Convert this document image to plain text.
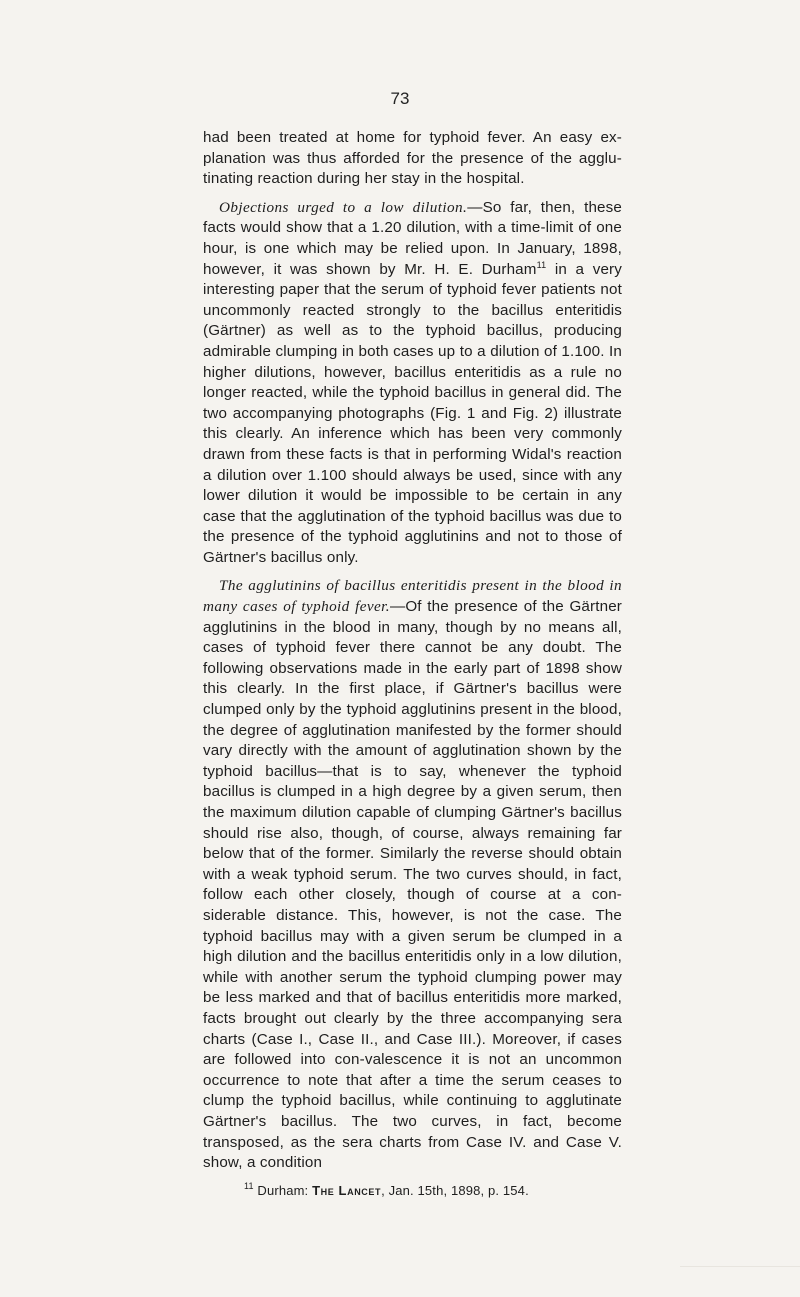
73

had been treated at home for typhoid fever. An easy ex-planation was thus afforded for the presence of the agglu-tinating reaction during her stay in the hospital.

Objections urged to a low dilution.—So far, then, these facts would show that a 1.20 dilution, with a time-limit of one hour, is one which may be relied upon. In January, 1898, however, it was shown by Mr. H. E. Durham$^{11}$ in a very interesting paper that the serum of typhoid fever patients not uncommonly reacted strongly to the bacillus enteritidis (Gärtner) as well as to the typhoid bacillus, producing admirable clumping in both cases up to a dilution of 1.100. In higher dilutions, however, bacillus enteritidis as a rule no longer reacted, while the typhoid bacillus in general did. The two accompanying photographs (Fig. 1 and Fig. 2) illustrate this clearly. An inference which has been very commonly drawn from these facts is that in performing Widal's reaction a dilution over 1.100 should always be used, since with any lower dilution it would be impossible to be certain in any case that the agglutination of the typhoid bacillus was due to the presence of the typhoid agglutinins and not to those of Gärtner's bacillus only.

The agglutinins of bacillus enteritidis present in the blood in many cases of typhoid fever.—Of the presence of the Gärtner agglutinins in the blood in many, though by no means all, cases of typhoid fever there cannot be any doubt. The following observations made in the early part of 1898 show this clearly. In the first place, if Gärtner's bacillus were clumped only by the typhoid agglutinins present in the blood, the degree of agglutination manifested by the former should vary directly with the amount of agglutination shown by the typhoid bacillus—that is to say, whenever the typhoid bacillus is clumped in a high degree by a given serum, then the maximum dilution capable of clumping Gärtner's bacillus should rise also, though, of course, always remaining far below that of the former. Similarly the reverse should obtain with a weak typhoid serum. The two curves should, in fact, follow each other closely, though of course at a con-siderable distance. This, however, is not the case. The typhoid bacillus may with a given serum be clumped in a high dilution and the bacillus enteritidis only in a low dilution, while with another serum the typhoid clumping power may be less marked and that of bacillus enteritidis more marked, facts brought out clearly by the three accompanying sera charts (Case I., Case II., and Case III.). Moreover, if cases are followed into con-valescence it is not an uncommon occurrence to note that after a time the serum ceases to clump the typhoid bacillus, while continuing to agglutinate Gärtner's bacillus. The two curves, in fact, become transposed, as the sera charts from Case IV. and Case V. show, a condition

$^{11}$ Durham: The Lancet, Jan. 15th, 1898, p. 154.
